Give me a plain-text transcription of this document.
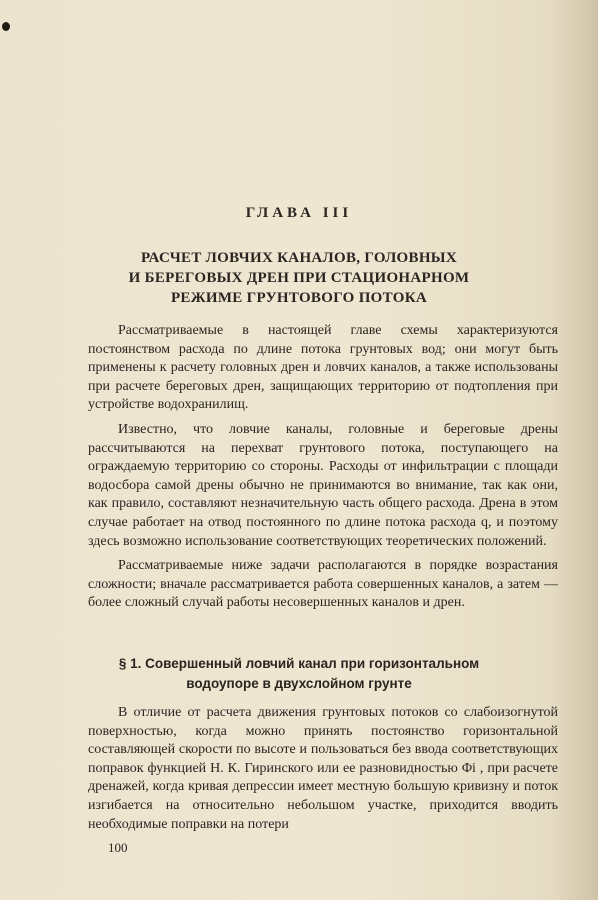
ГЛАВА III
РАСЧЕТ ЛОВЧИХ КАНАЛОВ, ГОЛОВНЫХ
И БЕРЕГОВЫХ ДРЕН ПРИ СТАЦИОНАРНОМ
РЕЖИМЕ ГРУНТОВОГО ПОТОКА

Рассматриваемые в настоящей главе схемы характеризуются постоянством расхода по длине потока грунтовых вод; они могут быть применены к расчету головных дрен и ловчих каналов, а также использованы при расчете береговых дрен, защищающих территорию от подтопления при устройстве водохранилищ.

Известно, что ловчие каналы, головные и береговые дрены рассчитываются на перехват грунтового потока, поступающего на ограждаемую территорию со стороны. Расходы от инфильтрации с площади водосбора самой дрены обычно не принимаются во внимание, так как они, как правило, составляют незначительную часть общего расхода. Дрена в этом случае работает на отвод постоянного по длине потока расхода q, и поэтому здесь возможно использование соответствующих теоретических положений.

Рассматриваемые ниже задачи располагаются в порядке возрастания сложности; вначале рассматривается работа совершенных каналов, а затем — более сложный случай работы несовершенных каналов и дрен.

§ 1. Совершенный ловчий канал при горизонтальном
водоупоре в двухслойном грунте

В отличие от расчета движения грунтовых потоков со слабоизогнутой поверхностью, когда можно принять постоянство горизонтальной составляющей скорости по высоте и пользоваться без ввода соответствующих поправок функцией Н. К. Гиринского или ее разновидностью Φi , при расчете дренажей, когда кривая депрессии имеет местную большую кривизну и поток изгибается на относительно небольшом участке, приходится вводить необходимые поправки на потери

100
